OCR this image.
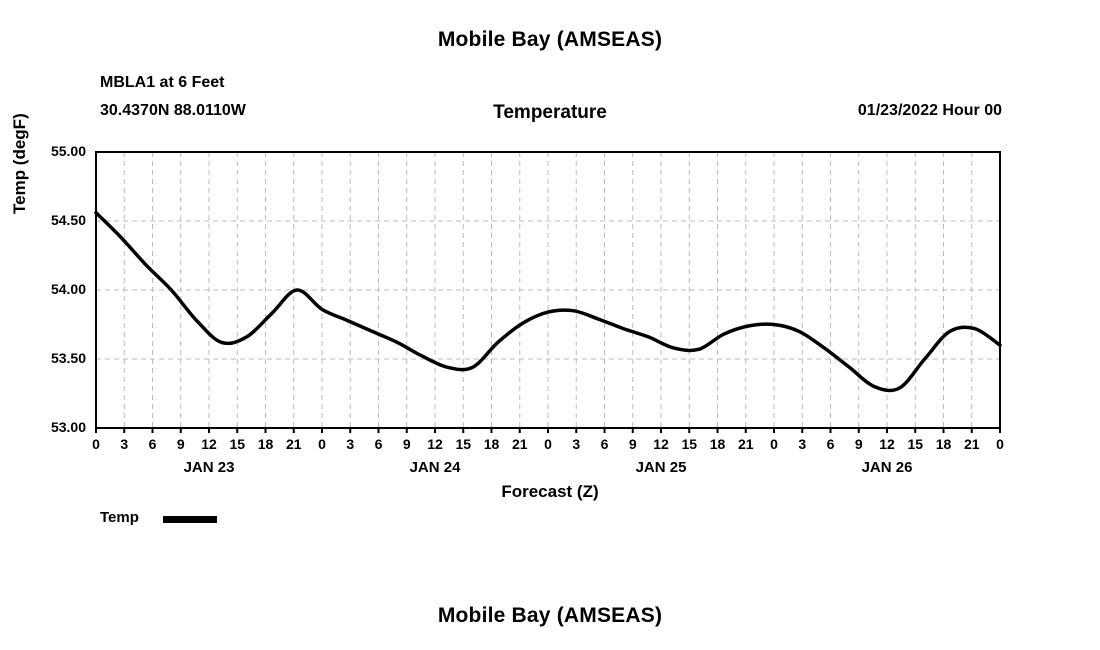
Mobile Bay (AMSEAS)
MBLA1 at 6 Feet
30.4370N 88.0110W	Temperature	01/23/2022 Hour 00
Temp (degF)
Forecast (Z)
53.00
53.50
54.00
54.50
55.00
0	3	6	9	12 15 18 21	0	3	6	9	12 15 18 21	0	3	6	9	12 15 18 21	0	3	6	9	12 15 18 21	0
JAN 23	JAN 24	JAN 25	JAN 26
Temp
Mobile Bay (AMSEAS)
